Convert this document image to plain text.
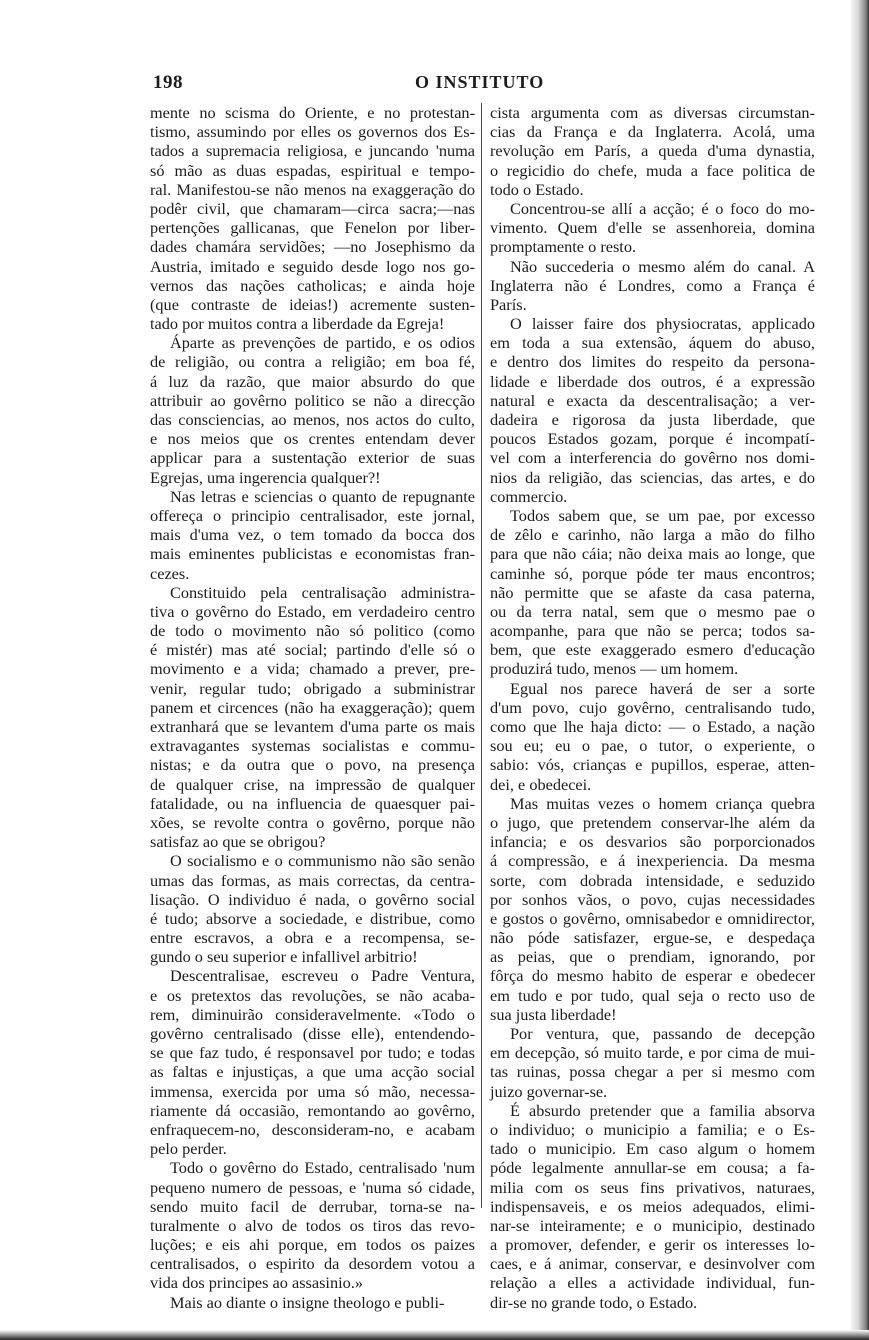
198	O INSTITUTO
mente no scisma do Oriente, e no protestan-
tismo, assumindo por elles os governos dos Es-
tados a supremacia religiosa, e juncando 'numa
só mão as duas espadas, espiritual e tempo-
ral. Manifestou-se não menos na exaggeração do
podêr civil, que chamaram—circa sacra;—nas
pertenções gallicanas, que Fenelon por liber-
dades chamára servidões; —no Josephismo da
Austria, imitado e seguido desde logo nos go-
vernos das nações catholicas; e ainda hoje
(que contraste de ideias!) acremente susten-
tado por muitos contra a liberdade da Egreja!
Áparte as prevenções de partido, e os odios
de religião, ou contra a religião; em boa fé,
á luz da razão, que maior absurdo do que
attribuir ao govêrno politico se não a direcção
das consciencias, ao menos, nos actos do culto,
e nos meios que os crentes entendam dever
applicar para a sustentação exterior de suas
Egrejas, uma ingerencia qualquer?!
Nas letras e sciencias o quanto de repugnante
offereça o principio centralisador, este jornal,
mais d'uma vez, o tem tomado da bocca dos
mais eminentes publicistas e economistas fran-
cezes.
Constituido pela centralisação administra-
tiva o govêrno do Estado, em verdadeiro centro
de todo o movimento não só politico (como
é mistér) mas até social; partindo d'elle só o
movimento e a vida; chamado a prever, pre-
venir, regular tudo; obrigado a subministrar
panem et circences (não ha exaggeração); quem
extranhará que se levantem d'uma parte os mais
extravagantes systemas socialistas e commu-
nistas; e da outra que o povo, na presença
de qualquer crise, na impressão de qualquer
fatalidade, ou na influencia de quaesquer pai-
xões, se revolte contra o govêrno, porque não
satisfaz ao que se obrigou?
O socialismo e o communismo não são senão
umas das formas, as mais correctas, da centra-
lisação. O individuo é nada, o govêrno social
é tudo; absorve a sociedade, e distribue, como
entre escravos, a obra e a recompensa, se-
gundo o seu superior e infallivel arbitrio!
Descentralisae, escreveu o Padre Ventura,
e os pretextos das revoluções, se não acaba-
rem, diminuirão consideravelmente. «Todo o
govêrno centralisado (disse elle), entendendo-
se que faz tudo, é responsavel por tudo; e todas
as faltas e injustiças, a que uma acção social
immensa, exercida por uma só mão, necessa-
riamente dá occasião, remontando ao govêrno,
enfraquecem-no, desconsideram-no, e acabam
pelo perder.
Todo o govêrno do Estado, centralisado 'num
pequeno numero de pessoas, e 'numa só cidade,
sendo muito facil de derrubar, torna-se na-
turalmente o alvo de todos os tiros das revo-
luções; e eis ahi porque, em todos os paizes
centralisados, o espirito da desordem votou a
vida dos principes ao assasinio.»
Mais ao diante o insigne theologo e publi-
cista argumenta com as diversas circumstan-
cias da França e da Inglaterra. Acolá, uma
revolução em París, a queda d'uma dynastia,
o regicidio do chefe, muda a face politica de
todo o Estado.
Concentrou-se allí a acção; é o foco do mo-
vimento. Quem d'elle se assenhoreia, domina
promptamente o resto.
Não succederia o mesmo além do canal. A
Inglaterra não é Londres, como a França é
París.
O laisser faire dos physiocratas, applicado
em toda a sua extensão, áquem do abuso,
e dentro dos limites do respeito da persona-
lidade e liberdade dos outros, é a expressão
natural e exacta da descentralisação; a ver-
dadeira e rigorosa da justa liberdade, que
poucos Estados gozam, porque é incompatí-
vel com a interferencia do govêrno nos domi-
nios da religião, das sciencias, das artes, e do
commercio.
Todos sabem que, se um pae, por excesso
de zêlo e carinho, não larga a mão do filho
para que não cáia; não deixa mais ao longe, que
caminhe só, porque póde ter maus encontros;
não permitte que se afaste da casa paterna,
ou da terra natal, sem que o mesmo pae o
acompanhe, para que não se perca; todos sa-
bem, que este exaggerado esmero d'educação
produzirá tudo, menos — um homem.
Egual nos parece haverá de ser a sorte
d'um povo, cujo govêrno, centralisando tudo,
como que lhe haja dicto: — o Estado, a nação
sou eu; eu o pae, o tutor, o experiente, o
sabio: vós, crianças e pupillos, esperae, atten-
dei, e obedecei.
Mas muitas vezes o homem criança quebra
o jugo, que pretendem conservar-lhe além da
infancia; e os desvarios são porporcionados
á compressão, e á inexperiencia. Da mesma
sorte, com dobrada intensidade, e seduzido
por sonhos vãos, o povo, cujas necessidades
e gostos o govêrno, omnisabedor e omnidirector,
não póde satisfazer, ergue-se, e despedaça
as peias, que o prendiam, ignorando, por
fôrça do mesmo habito de esperar e obedecer
em tudo e por tudo, qual seja o recto uso de
sua justa liberdade!
Por ventura, que, passando de decepção
em decepção, só muito tarde, e por cima de mui-
tas ruinas, possa chegar a per si mesmo com
juizo governar-se.
É absurdo pretender que a familia absorva
o individuo; o municipio a familia; e o Es-
tado o municipio. Em caso algum o homem
póde legalmente annullar-se em cousa; a fa-
milia com os seus fins privativos, naturaes,
indispensaveis, e os meios adequados, elimi-
nar-se inteiramente; e o municipio, destinado
a promover, defender, e gerir os interesses lo-
caes, e á animar, conservar, e desinvolver com
relação a elles a actividade individual, fun-
dir-se no grande todo, o Estado.
